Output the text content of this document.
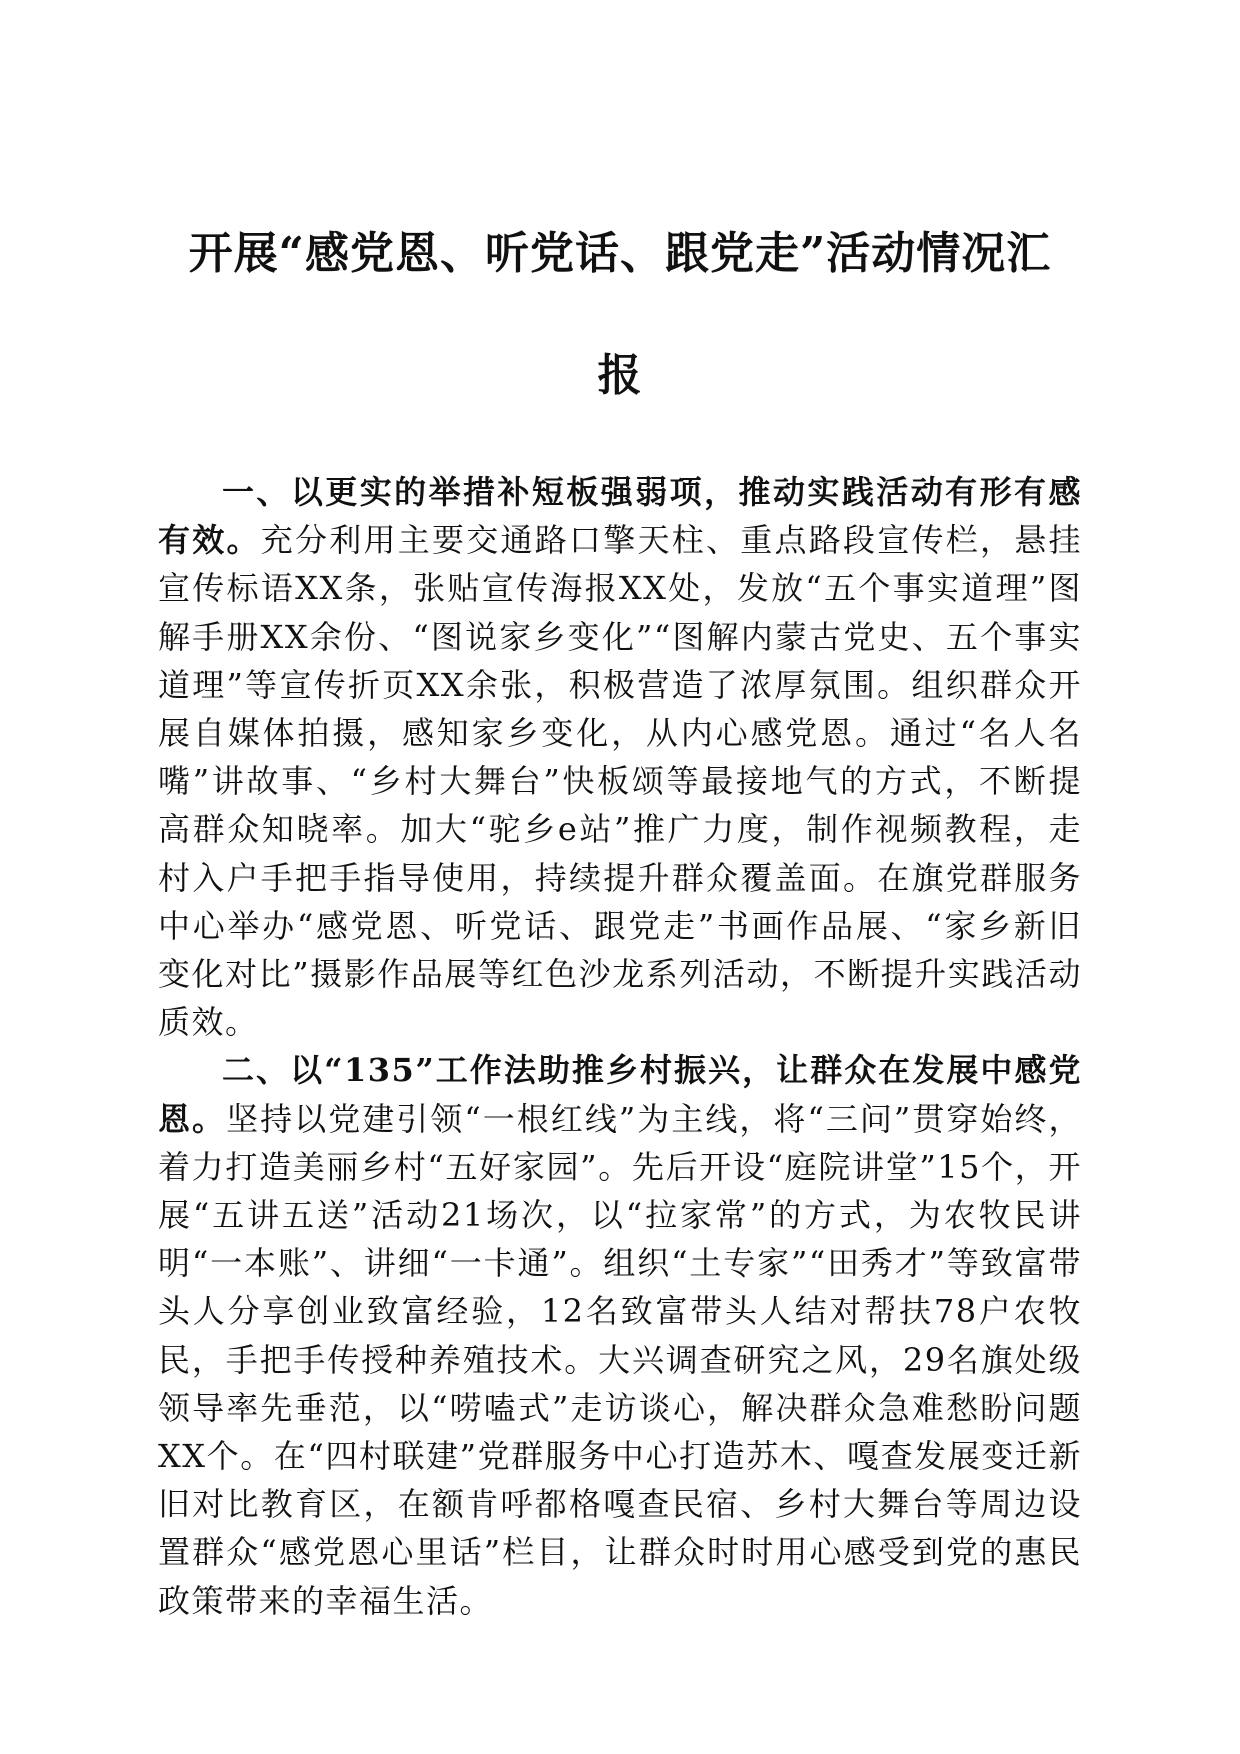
开展“感党恩、听党话、跟党走”活动情况汇
报

一、以更实的举措补短板强弱项，推动实践活动有形有感有效。充分利用主要交通路口擎天柱、重点路段宣传栏，悬挂宣传标语XX条，张贴宣传海报XX处，发放“五个事实道理”图解手册XX余份、“图说家乡变化”“图解内蒙古党史、五个事实道理”等宣传折页XX余张，积极营造了浓厚氛围。组织群众开展自媒体拍摄，感知家乡变化，从内心感党恩。通过“名人名嘴”讲故事、“乡村大舞台”快板颂等最接地气的方式，不断提高群众知晓率。加大“驼乡e站”推广力度，制作视频教程，走村入户手把手指导使用，持续提升群众覆盖面。在旗党群服务中心举办“感党恩、听党话、跟党走”书画作品展、“家乡新旧变化对比”摄影作品展等红色沙龙系列活动，不断提升实践活动质效。

二、以“135”工作法助推乡村振兴，让群众在发展中感党恩。坚持以党建引领“一根红线”为主线，将“三问”贯穿始终，着力打造美丽乡村“五好家园”。先后开设“庭院讲堂”15个，开展“五讲五送”活动21场次，以“拉家常”的方式，为农牧民讲明“一本账”、讲细“一卡通”。组织“土专家”“田秀才”等致富带头人分享创业致富经验，12名致富带头人结对帮扶78户农牧民，手把手传授种养殖技术。大兴调查研究之风，29名旗处级领导率先垂范，以“唠嗑式”走访谈心，解决群众急难愁盼问题XX个。在“四村联建”党群服务中心打造苏木、嘎查发展变迁新旧对比教育区，在额肯呼都格嘎查民宿、乡村大舞台等周边设置群众“感党恩心里话”栏目，让群众时时用心感受到党的惠民政策带来的幸福生活。
